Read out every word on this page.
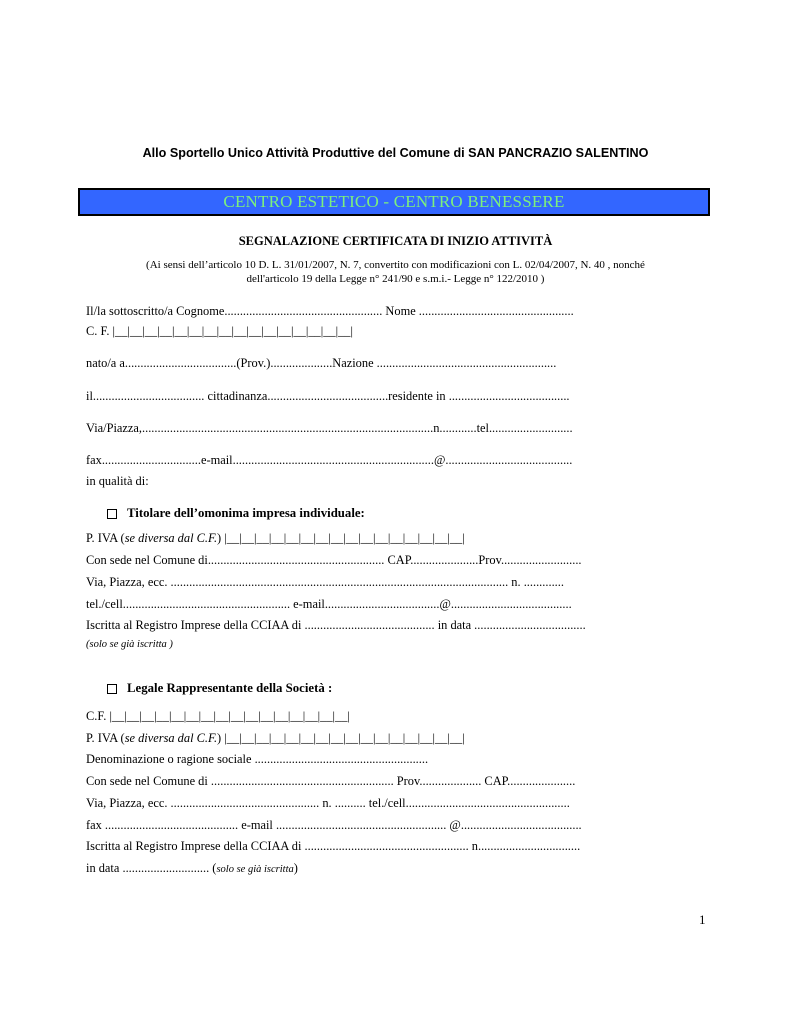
Allo Sportello Unico Attività Produttive del Comune di SAN PANCRAZIO SALENTINO
CENTRO ESTETICO - CENTRO BENESSERE
SEGNALAZIONE CERTIFICATA DI INIZIO ATTIVITÀ
(Ai sensi dell’articolo 10 D. L. 31/01/2007, N. 7, convertito con modificazioni con L. 02/04/2007, N. 40 , nonché
dell'articolo 19 della Legge n° 241/90 e s.m.i.- Legge n° 122/2010 )
Il/la sottoscritto/a Cognome................................................... Nome ..................................................
C. F. |__|__|__|__|__|__|__|__|__|__|__|__|__|__|__|__|
nato/a a....................................(Prov.)....................Nazione ..........................................................
il.................................... cittadinanza.......................................residente in .......................................
Via/Piazza,..............................................................................................n............tel...........................
fax................................e-mail.................................................................@.........................................
in qualità di:
Titolare dell’omonima impresa individuale:
P. IVA (se diversa dal C.F.) |__|__|__|__|__|__|__|__|__|__|__|__|__|__|__|__|
Con sede nel Comune di......................................................... CAP......................Prov..........................
Via, Piazza, ecc. ............................................................................................................. n. .............
tel./cell...................................................... e-mail.....................................@.......................................
Iscritta al Registro Imprese della CCIAA di .......................................... in data ....................................
(solo se già iscritta )
Legale Rappresentante della Società :
C.F. |__|__|__|__|__|__|__|__|__|__|__|__|__|__|__|__|
P. IVA (se diversa dal C.F.) |__|__|__|__|__|__|__|__|__|__|__|__|__|__|__|__|
Denominazione o ragione sociale ........................................................
Con sede nel Comune di ........................................................... Prov.................... CAP......................
Via, Piazza, ecc. ................................................ n. .......... tel./cell.....................................................
fax ........................................... e-mail ....................................................... @.......................................
Iscritta al Registro Imprese della CCIAA di ..................................................... n.................................
in data ............................ (solo se già iscritta)
1
